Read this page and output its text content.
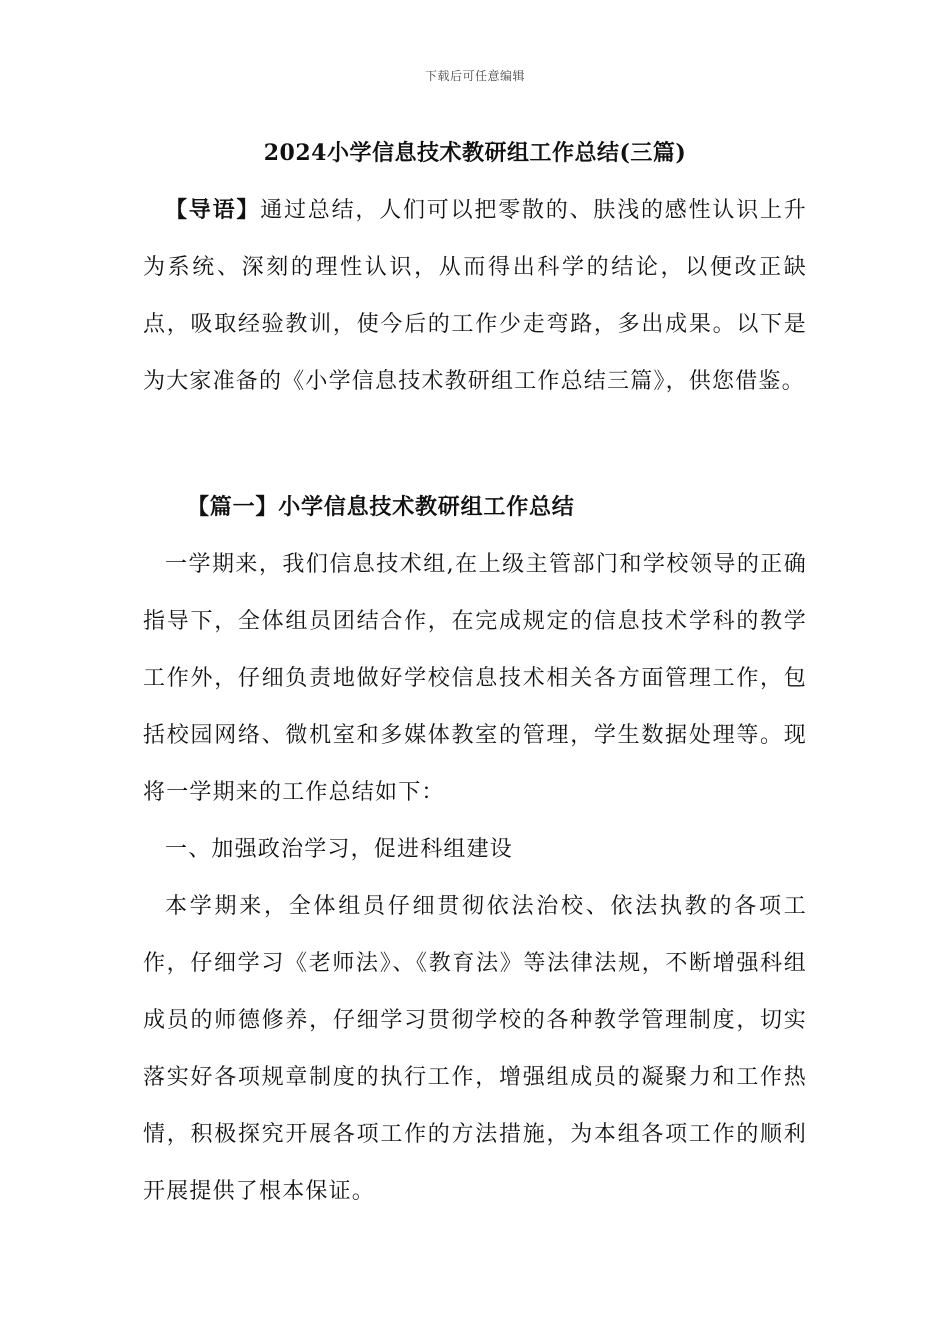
下载后可任意编辑
2024小学信息技术教研组工作总结(三篇)

【导语】通过总结，人们可以把零散的、肤浅的感性认识上升为系统、深刻的理性认识，从而得出科学的结论，以便改正缺点，吸取经验教训，使今后的工作少走弯路，多出成果。以下是为大家准备的《小学信息技术教研组工作总结三篇》，供您借鉴。

【篇一】小学信息技术教研组工作总结

一学期来，我们信息技术组,在上级主管部门和学校领导的正确指导下，全体组员团结合作，在完成规定的信息技术学科的教学工作外，仔细负责地做好学校信息技术相关各方面管理工作，包括校园网络、微机室和多媒体教室的管理，学生数据处理等。现将一学期来的工作总结如下：

一、加强政治学习，促进科组建设

本学期来，全体组员仔细贯彻依法治校、依法执教的各项工作，仔细学习《老师法》、《教育法》等法律法规，不断增强科组成员的师德修养，仔细学习贯彻学校的各种教学管理制度，切实落实好各项规章制度的执行工作，增强组成员的凝聚力和工作热情，积极探究开展各项工作的方法措施，为本组各项工作的顺利开展提供了根本保证。
